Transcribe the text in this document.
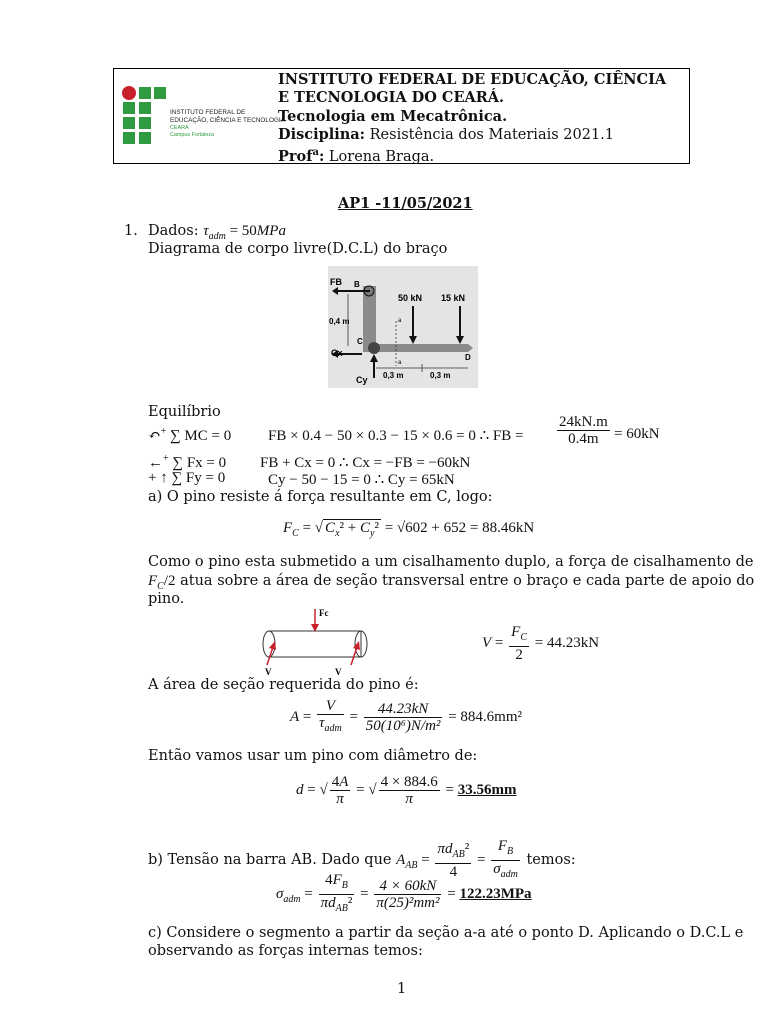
INSTITUTO FEDERAL DE
EDUCAÇÃO, CIÊNCIA E TECNOLOGIA
CEARÁ
Campus Fortaleza
INSTITUTO FEDERAL DE EDUCAÇÃO, CIÊNCIA
E TECNOLOGIA DO CEARÁ.
Tecnologia em Mecatrônica.
Disciplina: Resistência dos Materiais 2021.1
Prof$^a$: Lorena Braga.
AP1 -11/05/2021
1. Dados: $\tau_{adm} = 50MPa$
Diagrama de corpo livre(D.C.L) do braço
FB B
50 kN 15 kN
0,4 m
Cx
C
Cy
D
a
a
0,3 m	0,3 m
Equilíbrio
↶+ ∑ MC = 0 FB × 0.4 − 50 × 0.3 − 15 × 0.6 = 0 ∴ FB = $\frac{24kN.m}{0.4m} = 60kN$
←+ ∑ Fx = 0 FB + Cx = 0 ∴ Cx = −FB = −60kN
+ ↑ ∑ Fy = 0	Cy − 50 − 15 = 0 ∴ Cy = 65kN
a) O pino resiste á força resultante em C, logo:
$F_C$ = √ $C_x^2 + C_y^2 = √602 + 652 = 88.46kN$
Como o pino esta submetido a um cisalhamento duplo, a força de cisalhamento de
$F_C/2$ atua sobre a área de seção transversal entre o braço e cada parte de apoio do
pino.
Fc
V	V
$V = \frac{F_C}{2} = 44.23kN$
A área de seção requerida do pino é:
$A = \frac{V}{\tau_{adm}} = \frac{44.23kN}{\text{50(10⁶)N/m²}} = 884.6mm^2$
Então vamos usar um pino com diâmetro de:
d = √ $\frac{4A}{\pi}$ = √ $\frac{4 \times 884.6}{\pi} = 33.56mm$
b) Tensão na barra AB. Dado que $A_{AB} = \frac{\pi d_{AB}^2}{4} = \frac{F_B}{\sigma_{adm}}$ temos:
$\sigma_{adm} = \frac{4F_B}{\pi d_{AB}^2} = \frac{4 \times 60kN}{\text{π(25)²mm²}} = 122.23MPa$
c) Considere o segmento a partir da seção a-a até o ponto D. Aplicando o D.C.L e
observando as forças internas temos:
1
